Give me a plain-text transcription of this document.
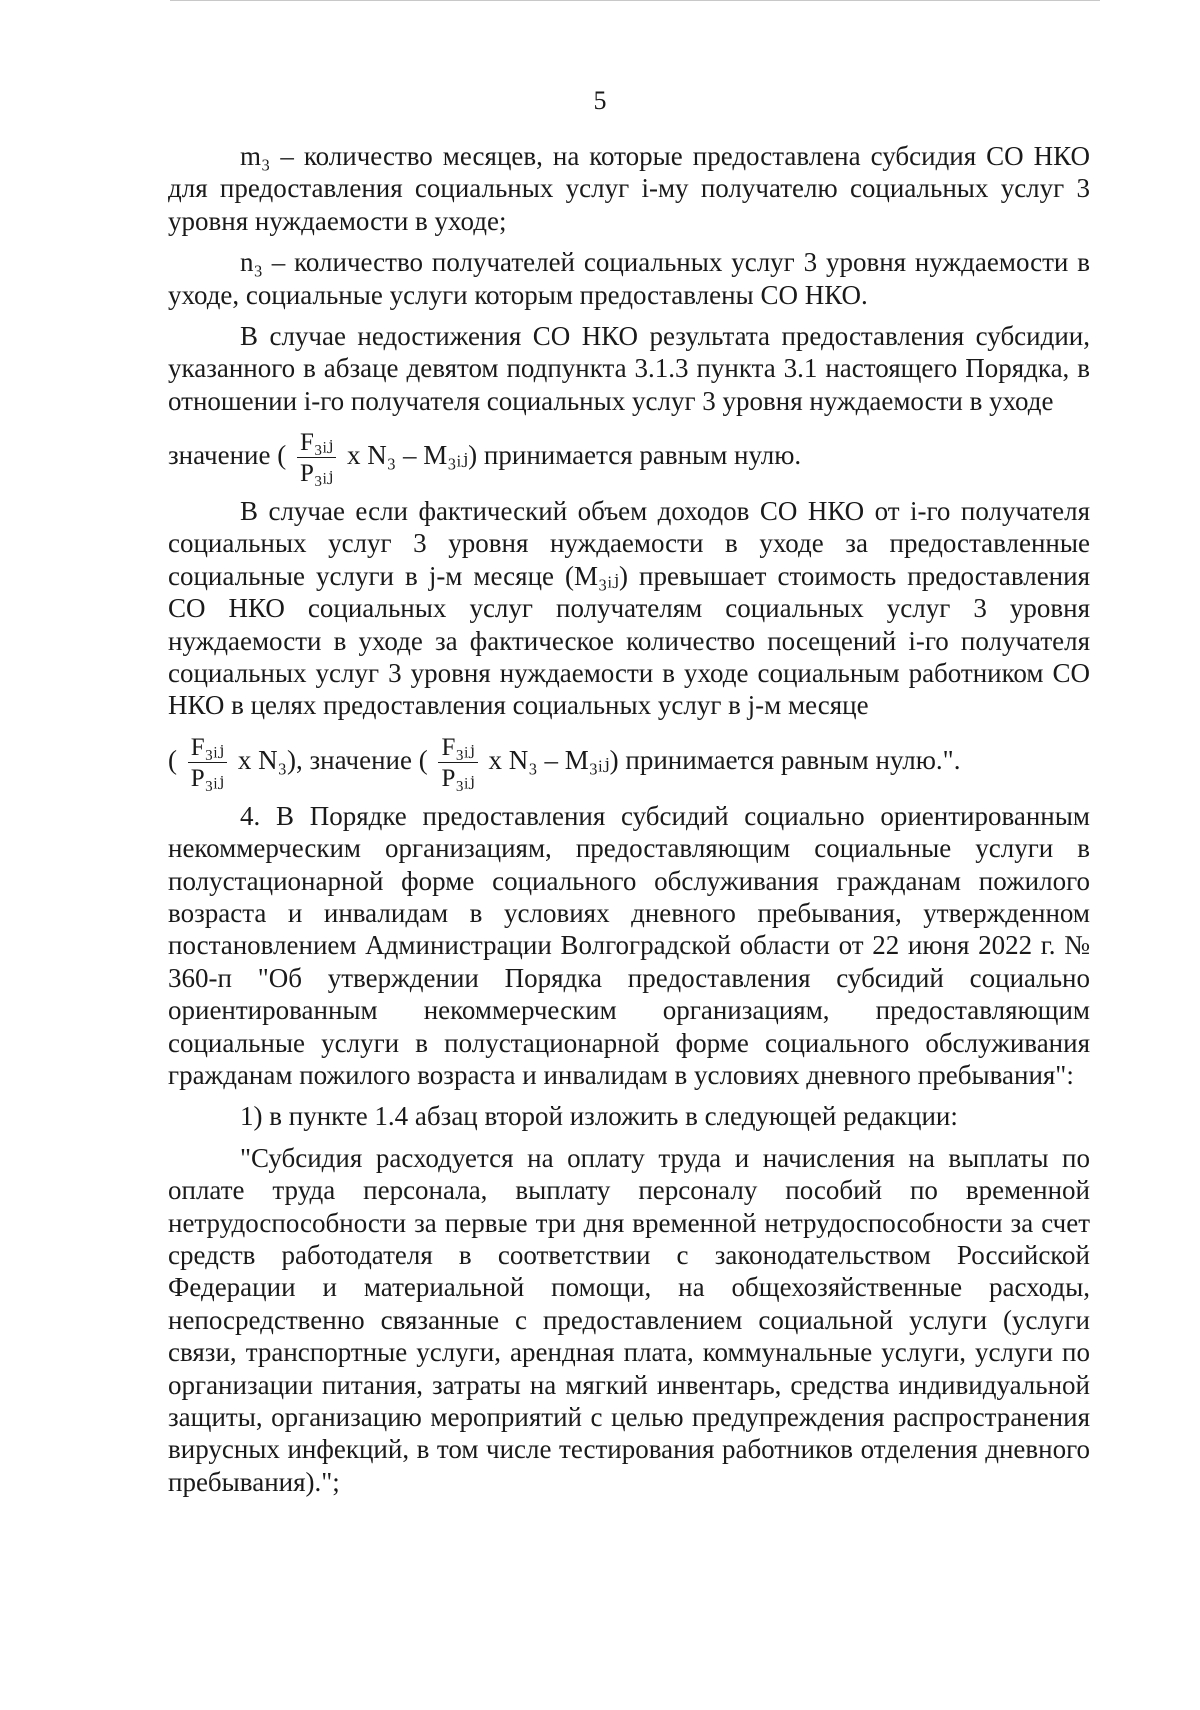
5

m₃ – количество месяцев, на которые предоставлена субсидия СО НКО для предоставления социальных услуг i-му получателю социальных услуг 3 уровня нуждаемости в уходе;

n₃ – количество получателей социальных услуг 3 уровня нуждаемости в уходе, социальные услуги которым предоставлены СО НКО.

В случае недостижения СО НКО результата предоставления субсидии, указанного в абзаце девятом подпункта 3.1.3 пункта 3.1 настоящего Порядка, в отношении i-го получателя социальных услуг 3 уровня нуждаемости в уходе

значение ( $\frac{\text{F₃ᵢⱼ}}{\text{P₃ᵢⱼ}}$ x N₃ – M₃ᵢⱼ) принимается равным нулю.

В случае если фактический объем доходов СО НКО от i-го получателя социальных услуг 3 уровня нуждаемости в уходе за предоставленные социальные услуги в j-м месяце (M₃ᵢⱼ) превышает стоимость предоставления СО НКО социальных услуг получателям социальных услуг 3 уровня нуждаемости в уходе за фактическое количество посещений i-го получателя социальных услуг 3 уровня нуждаемости в уходе социальным работником СО НКО в целях предоставления социальных услуг в j-м месяце

( $\frac{\text{F₃ᵢⱼ}}{\text{P₃ᵢⱼ}}$ x N₃), значение ( $\frac{\text{F₃ᵢⱼ}}{\text{P₃ᵢⱼ}}$ x N₃ – M₃ᵢⱼ) принимается равным нулю.".

4. В Порядке предоставления субсидий социально ориентированным некоммерческим организациям, предоставляющим социальные услуги в полустационарной форме социального обслуживания гражданам пожилого возраста и инвалидам в условиях дневного пребывания, утвержденном постановлением Администрации Волгоградской области от 22 июня 2022 г. № 360-п "Об утверждении Порядка предоставления субсидий социально ориентированным некоммерческим организациям, предоставляющим социальные услуги в полустационарной форме социального обслуживания гражданам пожилого возраста и инвалидам в условиях дневного пребывания":

1) в пункте 1.4 абзац второй изложить в следующей редакции:

"Субсидия расходуется на оплату труда и начисления на выплаты по оплате труда персонала, выплату персоналу пособий по временной нетрудоспособности за первые три дня временной нетрудоспособности за счет средств работодателя в соответствии с законодательством Российской Федерации и материальной помощи, на общехозяйственные расходы, непосредственно связанные с предоставлением социальной услуги (услуги связи, транспортные услуги, арендная плата, коммунальные услуги, услуги по организации питания, затраты на мягкий инвентарь, средства индивидуальной защиты, организацию мероприятий с целью предупреждения распространения вирусных инфекций, в том числе тестирования работников отделения дневного пребывания).";
